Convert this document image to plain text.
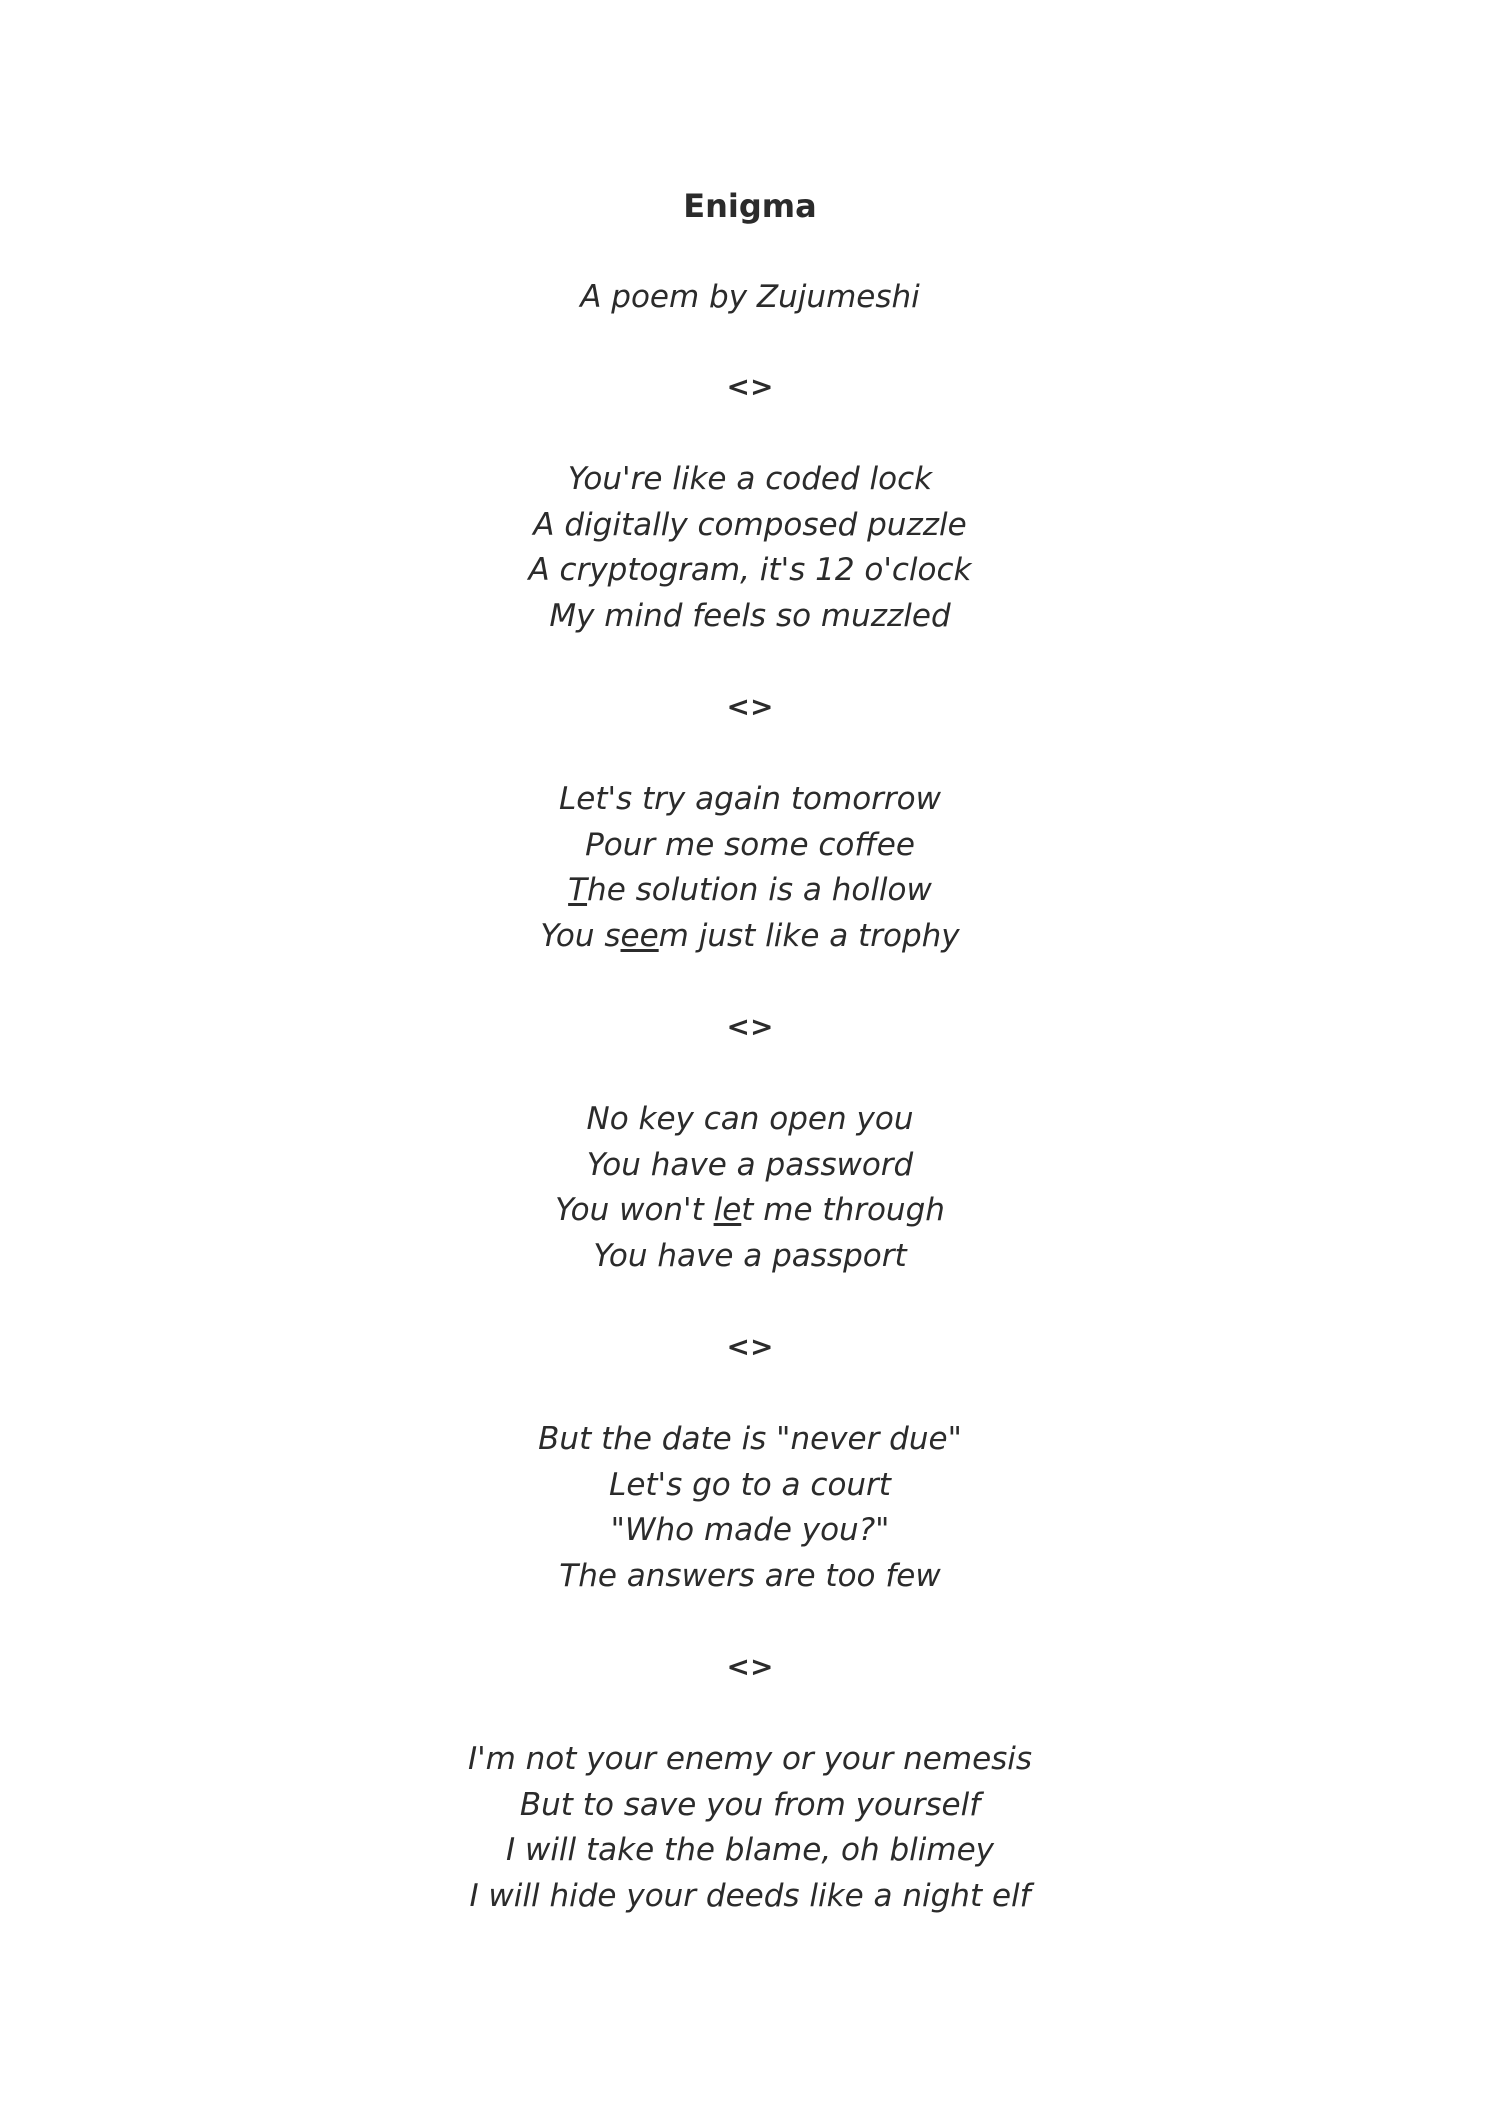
Enigma
A poem by Zujumeshi
<>
You're like a coded lock
A digitally composed puzzle
A cryptogram, it's 12 o'clock
My mind feels so muzzled
<>
Let's try again tomorrow
Pour me some coffee
The solution is a hollow
You seem just like a trophy
<>
No key can open you
You have a password
You won't let me through
You have a passport
<>
But the date is "never due"
Let's go to a court
"Who made you?"
The answers are too few
<>
I'm not your enemy or your nemesis
But to save you from yourself
I will take the blame, oh blimey
I will hide your deeds like a night elf
